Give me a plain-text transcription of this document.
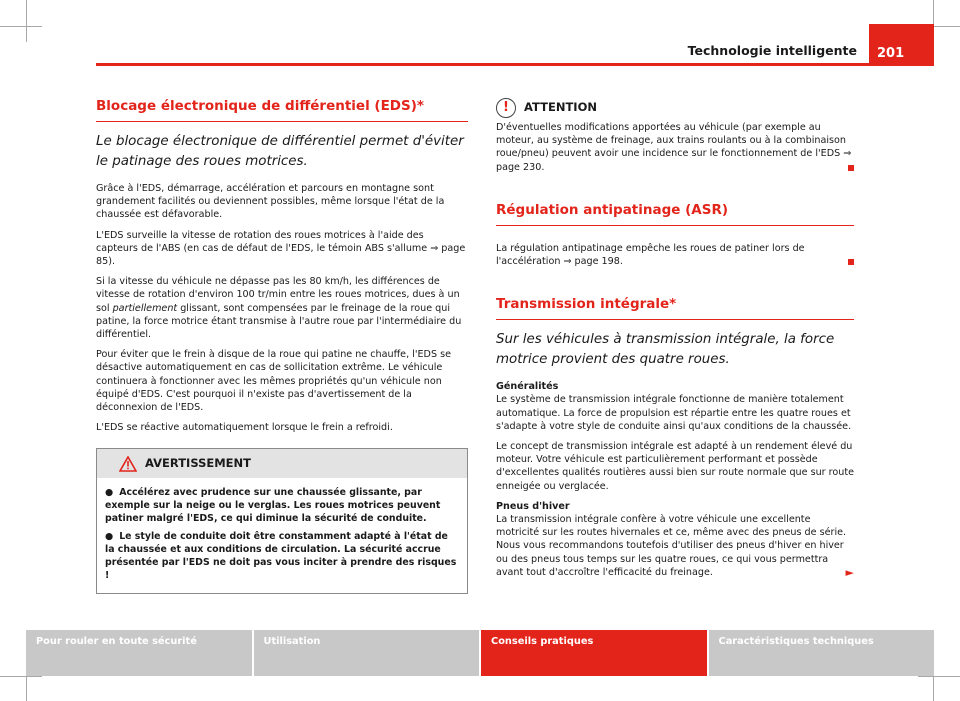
Technologie intelligente	201
Blocage électronique de différentiel (EDS)*
Le blocage électronique de différentiel permet d'éviter le patinage des roues motrices.

Grâce à l'EDS, démarrage, accélération et parcours en montagne sont grandement facilités ou deviennent possibles, même lorsque l'état de la chaussée est défavorable.

L'EDS surveille la vitesse de rotation des roues motrices à l'aide des capteurs de l'ABS (en cas de défaut de l'EDS, le témoin ABS s'allume ⇒ page 85).

Si la vitesse du véhicule ne dépasse pas les 80 km/h, les différences de vitesse de rotation d'environ 100 tr/min entre les roues motrices, dues à un sol partiellement glissant, sont compensées par le freinage de la roue qui patine, la force motrice étant transmise à l'autre roue par l'intermédiaire du différentiel.

Pour éviter que le frein à disque de la roue qui patine ne chauffe, l'EDS se désactive automatiquement en cas de sollicitation extrême. Le véhicule continuera à fonctionner avec les mêmes propriétés qu'un véhicule non équipé d'EDS. C'est pourquoi il n'existe pas d'avertissement de la déconnexion de l'EDS.

L'EDS se réactive automatiquement lorsque le frein a refroidi.

AVERTISSEMENT

● Accélérez avec prudence sur une chaussée glissante, par exemple sur la neige ou le verglas. Les roues motrices peuvent patiner malgré l'EDS, ce qui diminue la sécurité de conduite.

● Le style de conduite doit être constamment adapté à l'état de la chaussée et aux conditions de circulation. La sécurité accrue présentée par l'EDS ne doit pas vous inciter à prendre des risques !

!	ATTENTION

D'éventuelles modifications apportées au véhicule (par exemple au moteur, au système de freinage, aux trains roulants ou à la combinaison roue/pneu) peuvent avoir une incidence sur le fonctionnement de l'EDS ⇒ page 230.

Régulation antipatinage (ASR)

La régulation antipatinage empêche les roues de patiner lors de l'accélération ⇒ page 198.

Transmission intégrale*
Sur les véhicules à transmission intégrale, la force motrice provient des quatre roues.

Généralités

Le système de transmission intégrale fonctionne de manière totalement automatique. La force de propulsion est répartie entre les quatre roues et s'adapte à votre style de conduite ainsi qu'aux conditions de la chaussée.

Le concept de transmission intégrale est adapté à un rendement élevé du moteur. Votre véhicule est particulièrement performant et possède d'excellentes qualités routières aussi bien sur route normale que sur route enneigée ou verglacée.

Pneus d'hiver

La transmission intégrale confère à votre véhicule une excellente motricité sur les routes hivernales et ce, même avec des pneus de série. Nous vous recommandons toutefois d'utiliser des pneus d'hiver en hiver ou des pneus tous temps sur les quatre roues, ce qui vous permettra avant tout d'accroître l'efficacité du freinage.	►

Pour rouler en toute sécurité	Utilisation	Conseils pratiques	Caractéristiques techniques
